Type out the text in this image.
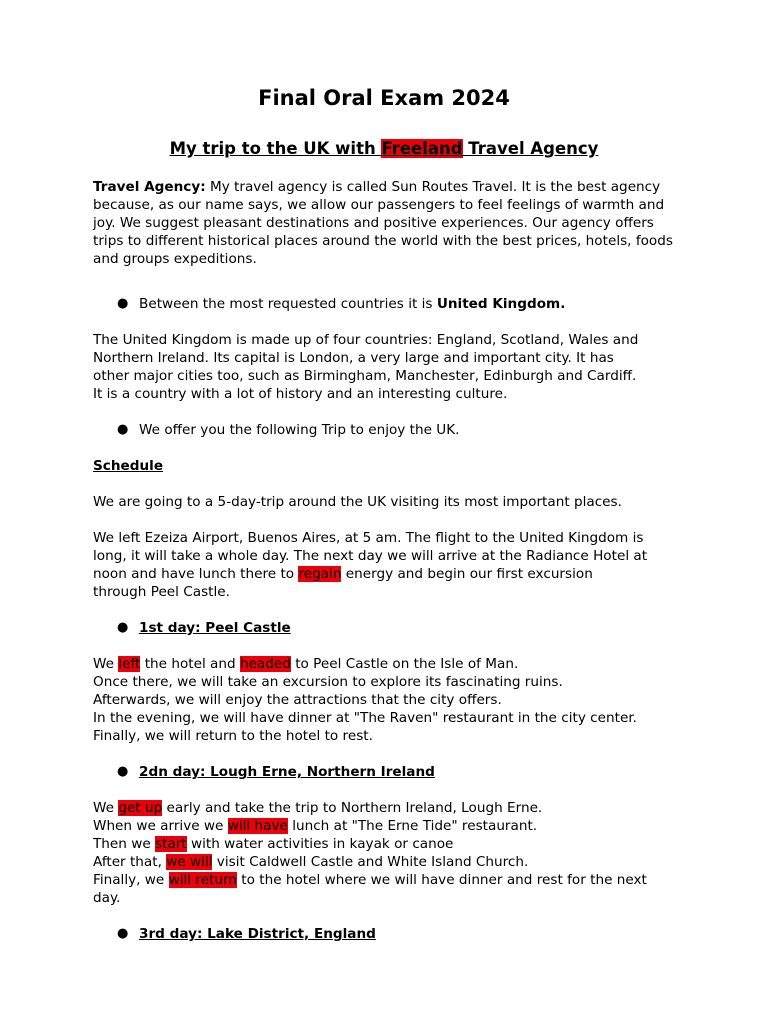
Final Oral Exam 2024
My trip to the UK with Freeland Travel Agency

Travel Agency: My travel agency is called Sun Routes Travel. It is the best agency because, as our name says, we allow our passengers to feel feelings of warmth and joy. We suggest pleasant destinations and positive experiences. Our agency offers trips to different historical places around the world with the best prices, hotels, foods and groups expeditions.

● Between the most requested countries it is United Kingdom.

The United Kingdom is made up of four countries: England, Scotland, Wales and
Northern Ireland. Its capital is London, a very large and important city. It has
other major cities too, such as Birmingham, Manchester, Edinburgh and Cardiff.
It is a country with a lot of history and an interesting culture.

● We offer you the following Trip to enjoy the UK.

Schedule

We are going to a 5-day-trip around the UK visiting its most important places.

We left Ezeiza Airport, Buenos Aires, at 5 am. The flight to the United Kingdom is
long, it will take a whole day. The next day we will arrive at the Radiance Hotel at
noon and have lunch there to regain energy and begin our first excursion
through Peel Castle.

● 1st day: Peel Castle

We left the hotel and headed to Peel Castle on the Isle of Man.
Once there, we will take an excursion to explore its fascinating ruins.
Afterwards, we will enjoy the attractions that the city offers.
In the evening, we will have dinner at "The Raven" restaurant in the city center.
Finally, we will return to the hotel to rest.

● 2dn day: Lough Erne, Northern Ireland

We get up early and take the trip to Northern Ireland, Lough Erne.
When we arrive we will have lunch at "The Erne Tide" restaurant.
Then we start with water activities in kayak or canoe
After that, we will visit Caldwell Castle and White Island Church.
Finally, we will return to the hotel where we will have dinner and rest for the next
day.

● 3rd day: Lake District, England
